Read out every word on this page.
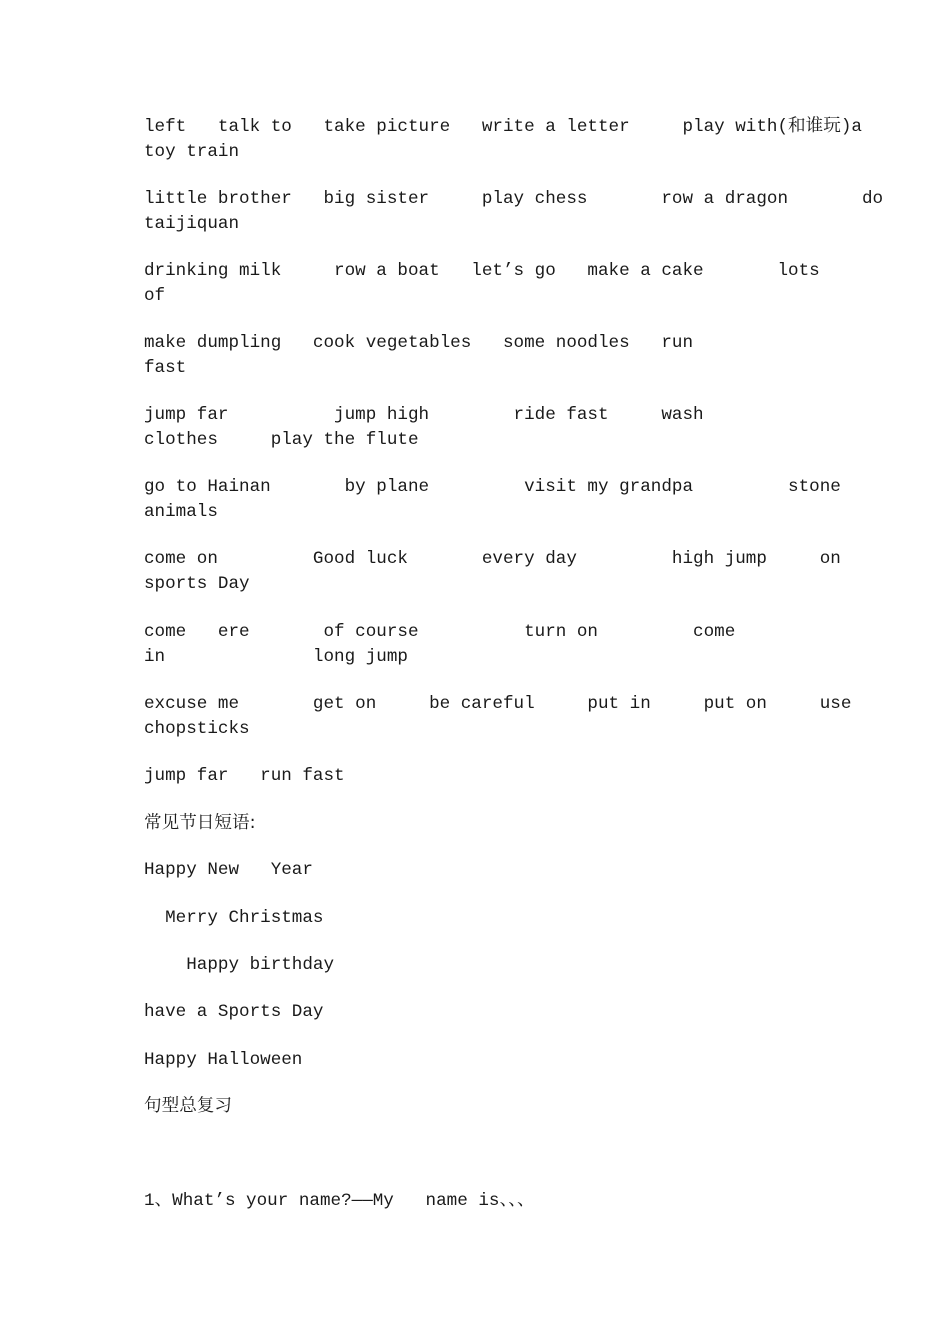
left   talk to   take picture   write a letter     play with(和谁玩)a
toy train
little brother   big sister     play chess       row a dragon       do
taijiquan
drinking milk     row a boat   let’s go   make a cake       lots
of
make dumpling   cook vegetables   some noodles   run
fast
jump far          jump high        ride fast     wash
clothes     play the flute
go to Hainan       by plane         visit my grandpa         stone
animals
come on         Good luck       every day         high jump     on
sports Day
come   ere       of course          turn on         come
in              long jump
excuse me       get on     be careful     put in     put on     use
chopsticks
jump far   run fast
常见节日短语:
Happy New   Year
Merry Christmas
Happy birthday
have a Sports Day
Happy Halloween
句型总复习
1、What’s your name?——My   name is、、、
